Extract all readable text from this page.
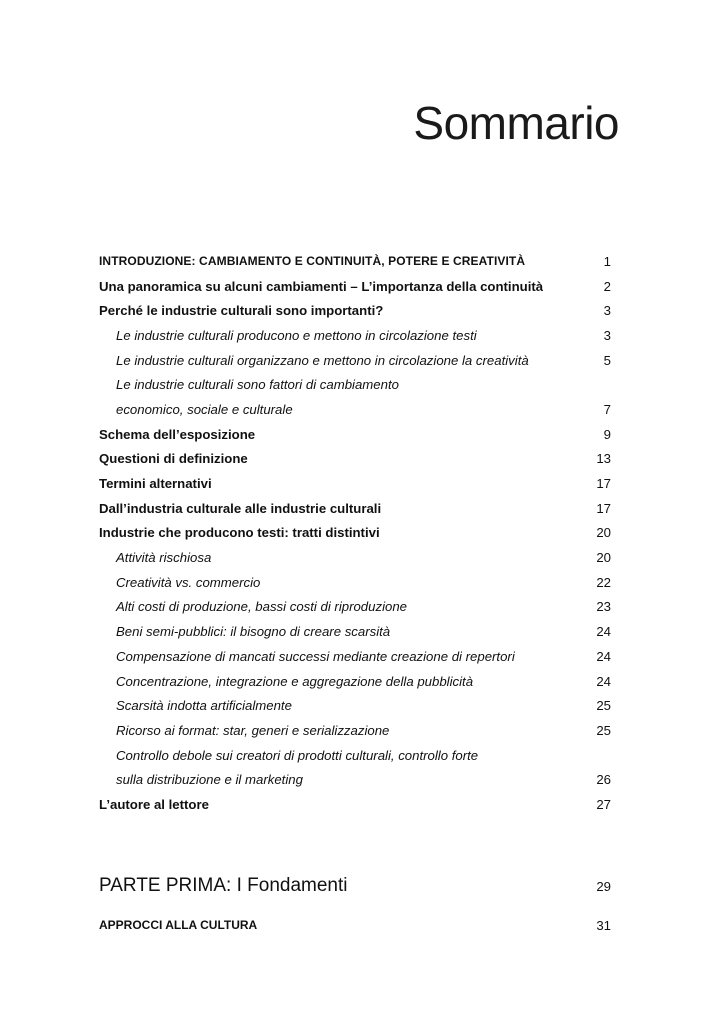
Sommario
INTRODUZIONE: CAMBIAMENTO E CONTINUITÀ, POTERE E CREATIVITÀ	1
Una panoramica su alcuni cambiamenti – L’importanza della continuità	2
Perché le industrie culturali sono importanti?	3
Le industrie culturali producono e mettono in circolazione testi	3
Le industrie culturali organizzano e mettono in circolazione la creatività	5
Le industrie culturali sono fattori di cambiamento
economico, sociale e culturale	7
Schema dell’esposizione	9
Questioni di definizione	13
Termini alternativi	17
Dall’industria culturale alle industrie culturali	17
Industrie che producono testi: tratti distintivi	20
Attività rischiosa	20
Creatività vs. commercio	22
Alti costi di produzione, bassi costi di riproduzione	23
Beni semi-pubblici: il bisogno di creare scarsità	24
Compensazione di mancati successi mediante creazione di repertori	24
Concentrazione, integrazione e aggregazione della pubblicità	24
Scarsità indotta artificialmente	25
Ricorso ai format: star, generi e serializzazione	25
Controllo debole sui creatori di prodotti culturali, controllo forte
sulla distribuzione e il marketing	26
L’autore al lettore	27
PARTE PRIMA: I Fondamenti	29
APPROCCI ALLA CULTURA	31
